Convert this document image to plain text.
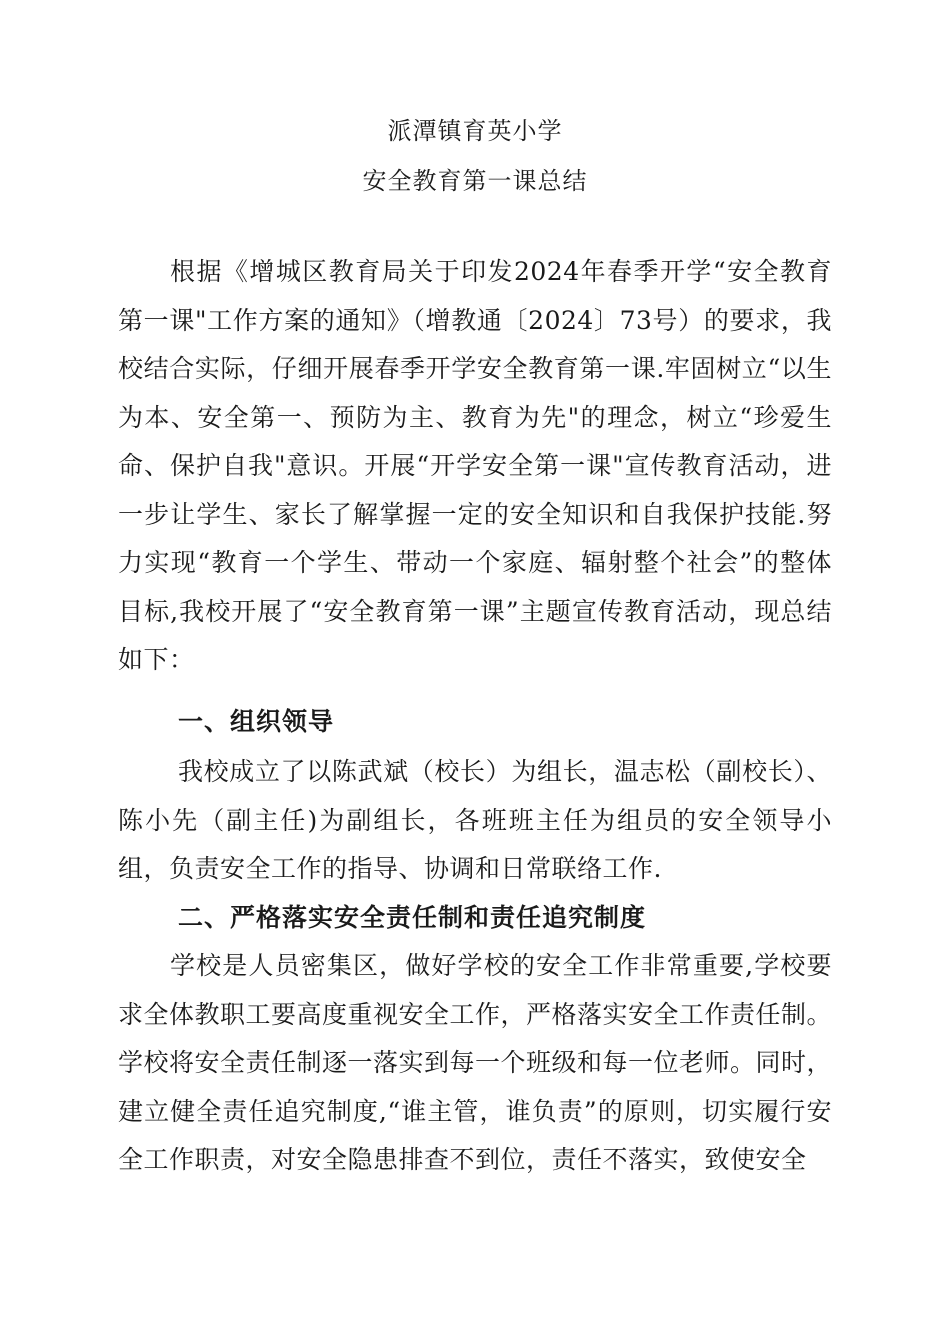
派潭镇育英小学
安全教育第一课总结
根据《增城区教育局关于印发2024年春季开学“安全教育第一课"工作方案的通知》（增教通〔2024〕73号）的要求，我校结合实际，仔细开展春季开学安全教育第一课.牢固树立“以生为本、安全第一、预防为主、教育为先"的理念，树立“珍爱生命、保护自我"意识。开展“开学安全第一课"宣传教育活动，进一步让学生、家长了解掌握一定的安全知识和自我保护技能.努力实现“教育一个学生、带动一个家庭、辐射整个社会”的整体目标,我校开展了“安全教育第一课”主题宣传教育活动，现总结如下：
一、组织领导
我校成立了以陈武斌（校长）为组长，温志松（副校长）、陈小先（副主任)为副组长，各班班主任为组员的安全领导小组，负责安全工作的指导、协调和日常联络工作.
二、严格落实安全责任制和责任追究制度
学校是人员密集区，做好学校的安全工作非常重要,学校要求全体教职工要高度重视安全工作，严格落实安全工作责任制。学校将安全责任制逐一落实到每一个班级和每一位老师。同时，建立健全责任追究制度,“谁主管，谁负责”的原则，切实履行安全工作职责，对安全隐患排查不到位，责任不落实，致使安全
